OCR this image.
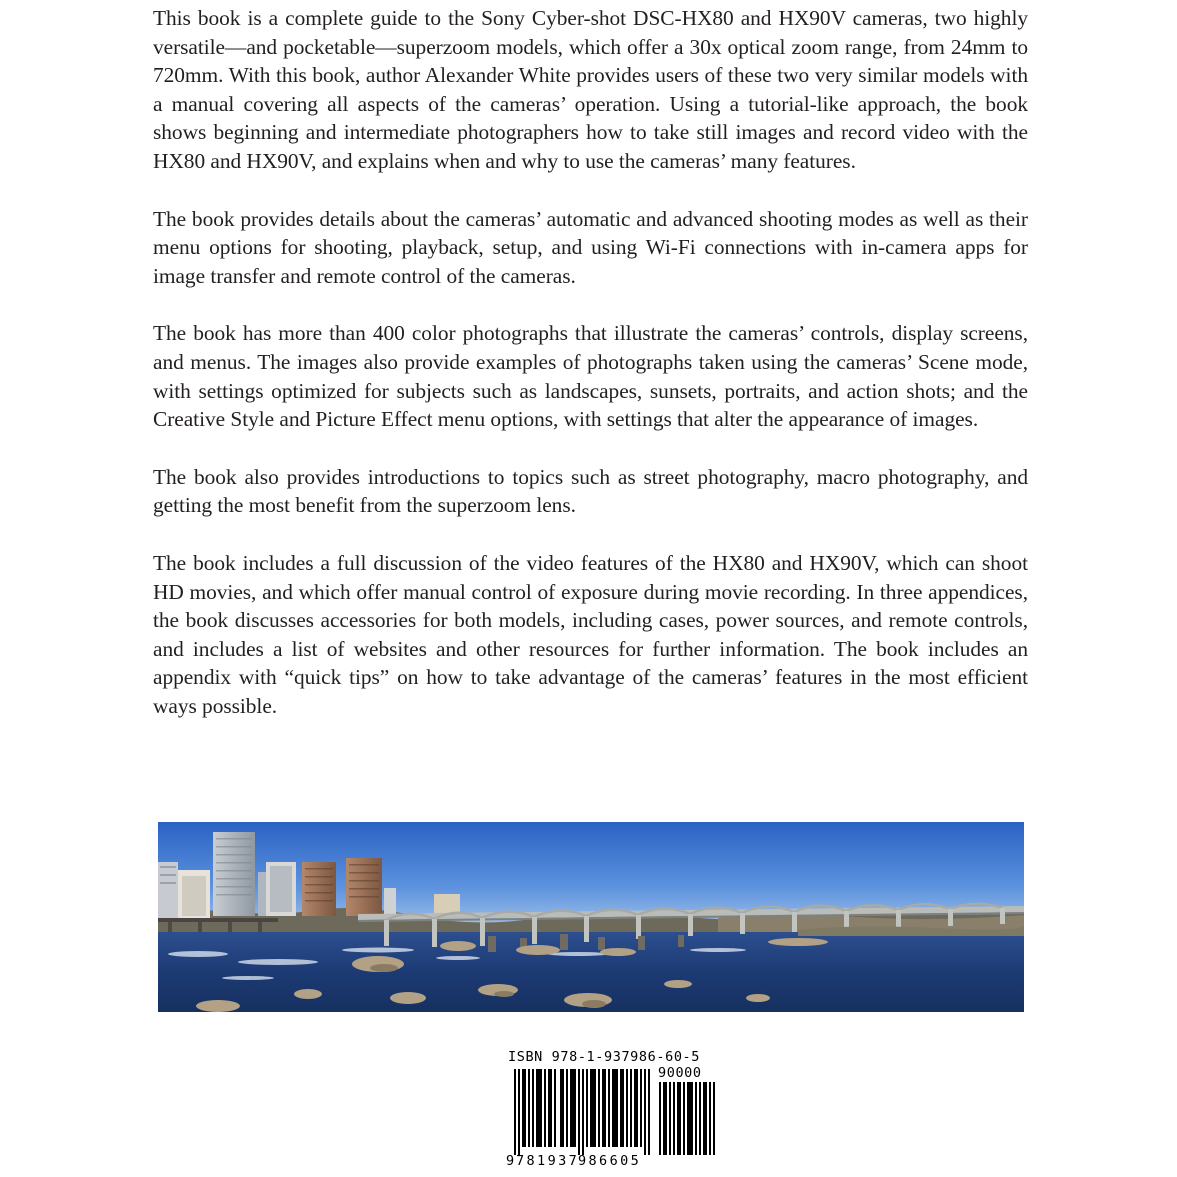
This book is a complete guide to the Sony Cyber-shot DSC-HX80 and HX90V cameras, two highly versatile—and pocketable—superzoom models, which offer a 30x optical zoom range, from 24mm to 720mm. With this book, author Alexander White provides users of these two very similar models with a manual covering all aspects of the cameras’ operation. Using a tutorial-like approach, the book shows beginning and intermediate photographers how to take still images and record video with the HX80 and HX90V, and explains when and why to use the cameras’ many features.

The book provides details about the cameras’ automatic and advanced shooting modes as well as their menu options for shooting, playback, setup, and using Wi-Fi connections with in-camera apps for image transfer and remote control of the cameras.

The book has more than 400 color photographs that illustrate the cameras’ controls, display screens, and menus. The images also provide examples of photographs taken using the cameras’ Scene mode, with settings optimized for subjects such as landscapes, sunsets, portraits, and action shots; and the Creative Style and Picture Effect menu options, with settings that alter the appearance of images.

The book also provides introductions to topics such as street photography, macro photography, and getting the most benefit from the superzoom lens.

The book includes a full discussion of the video features of the HX80 and HX90V, which can shoot HD movies, and which offer manual control of exposure during movie recording. In three appendices, the book discusses accessories for both models, including cases, power sources, and remote controls, and includes a list of websites and other resources for further information. The book includes an appendix with “quick tips” on how to take advantage of the cameras’ features in the most efficient ways possible.

ISBN 978-1-937986-60-5
90000
9 781937986605
